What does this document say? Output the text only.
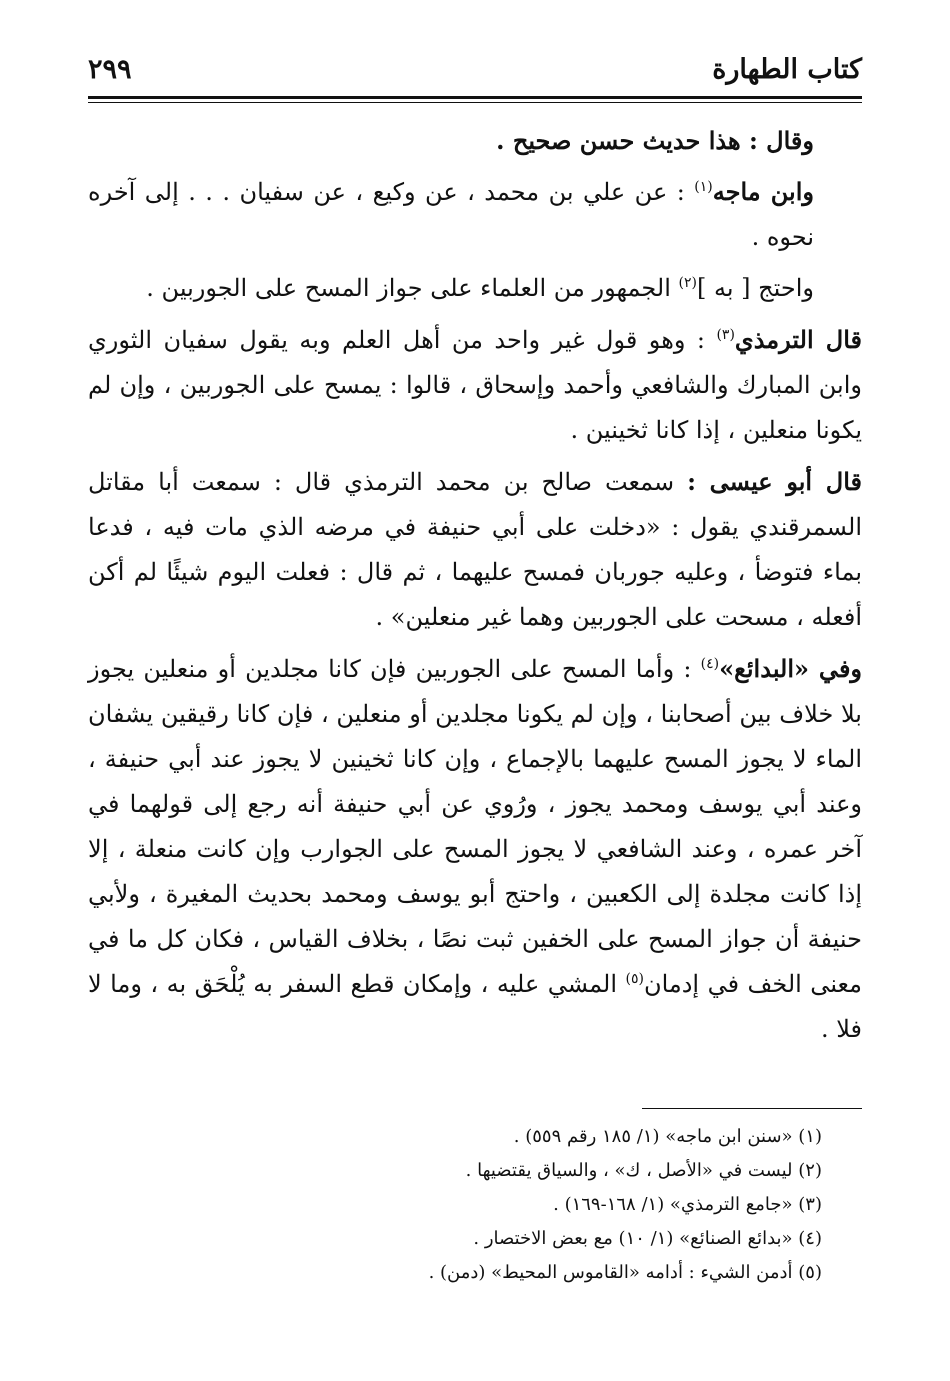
كتاب الطهارة
٢٩٩

وقال : هذا حديث حسن صحيح .

وابن ماجه$^{(١)}$ : عن علي بن محمد ، عن وكيع ، عن سفيان . . . إلى آخره نحوه .

واحتج [ به ]$^{(٢)}$ الجمهور من العلماء على جواز المسح على الجوربين .

قال الترمذي$^{(٣)}$ : وهو قول غير واحد من أهل العلم وبه يقول سفيان الثوري وابن المبارك والشافعي وأحمد وإسحاق ، قالوا : يمسح على الجوربين ، وإن لم يكونا منعلين ، إذا كانا ثخينين .

قال أبو عيسى : سمعت صالح بن محمد الترمذي قال : سمعت أبا مقاتل السمرقندي يقول : «دخلت على أبي حنيفة في مرضه الذي مات فيه ، فدعا بماء فتوضأ ، وعليه جوربان فمسح عليهما ، ثم قال : فعلت اليوم شيئًا لم أكن أفعله ، مسحت على الجوربين وهما غير منعلين» .

وفي «البدائع»$^{(٤)}$ : وأما المسح على الجوربين فإن كانا مجلدين أو منعلين يجوز بلا خلاف بين أصحابنا ، وإن لم يكونا مجلدين أو منعلين ، فإن كانا رقيقين يشفان الماء لا يجوز المسح عليهما بالإجماع ، وإن كانا ثخينين لا يجوز عند أبي حنيفة ، وعند أبي يوسف ومحمد يجوز ، ورُوي عن أبي حنيفة أنه رجع إلى قولهما في آخر عمره ، وعند الشافعي لا يجوز المسح على الجوارب وإن كانت منعلة ، إلا إذا كانت مجلدة إلى الكعبين ، واحتج أبو يوسف ومحمد بحديث المغيرة ، ولأبي حنيفة أن جواز المسح على الخفين ثبت نصًا ، بخلاف القياس ، فكان كل ما في معنى الخف في إدمان$^{(٥)}$ المشي عليه ، وإمكان قطع السفر به يُلْحَق به ، وما لا فلا .

(١) «سنن ابن ماجه» (١/ ١٨٥ رقم ٥٥٩) .
(٢) ليست في «الأصل ، ك» ، والسياق يقتضيها .
(٣) «جامع الترمذي» (١/ ١٦٨-١٦٩) .
(٤) «بدائع الصنائع» (١/ ١٠) مع بعض الاختصار .
(٥) أدمن الشيء : أدامه «القاموس المحيط» (دمن) .
